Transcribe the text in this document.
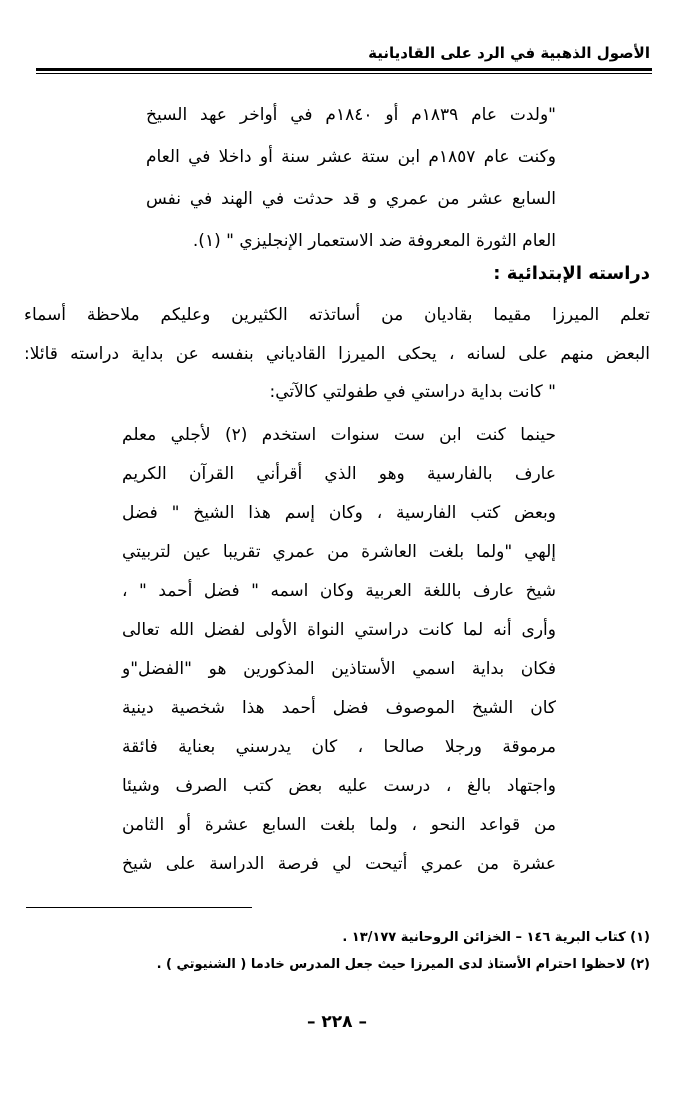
الأصول الذهبية في الرد على القاديانية
"ولدت عام ١٨٣٩م أو ١٨٤٠م في أواخر عهد السيخ
وكنت عام ١٨٥٧م ابن ستة عشر سنة أو داخلا في العام
السابع عشر من عمري و قد حدثت في الهند في نفس
العام الثورة المعروفة ضد الاستعمار الإنجليزي " (١).
دراسته الإبتدائية :
تعلم الميرزا مقيما بقاديان من أساتذته الكثيرين وعليكم ملاحظة أسماء
البعض منهم على لسانه ، يحكى الميرزا القادياني بنفسه عن بداية دراسته قائلا:
" كانت بداية دراستي في طفولتي كالآتي:
حينما كنت ابن ست سنوات استخدم (٢) لأجلي معلم
عارف بالفارسية وهو الذي أقرأني القرآن الكريم
وبعض كتب الفارسية ، وكان إسم هذا الشيخ " فضل
إلهي "ولما بلغت العاشرة من عمري تقريبا عين لتربيتي
شيخ عارف باللغة العربية وكان اسمه " فضل أحمد " ،
وأرى أنه لما كانت دراستي النواة الأولى لفضل الله تعالى
فكان بداية اسمي الأستاذين المذكورين هو "الفضل"و
كان الشيخ الموصوف فضل أحمد هذا شخصية دينية
مرموقة ورجلا صالحا ، كان يدرسني بعناية فائقة
واجتهاد بالغ ، درست عليه بعض كتب الصرف وشيئا
من قواعد النحو ، ولما بلغت السابع عشرة أو الثامن
عشرة من عمري أتيحت لي فرصة الدراسة على شيخ
(١) كتاب البرية ١٤٦ – الخزائن الروحانية ١٣/١٧٧ .
(٢) لاحظوا احترام الأستاذ لدى الميرزا حيث جعل المدرس خادما ( الشنيوتي ) .
– ٢٢٨ –
